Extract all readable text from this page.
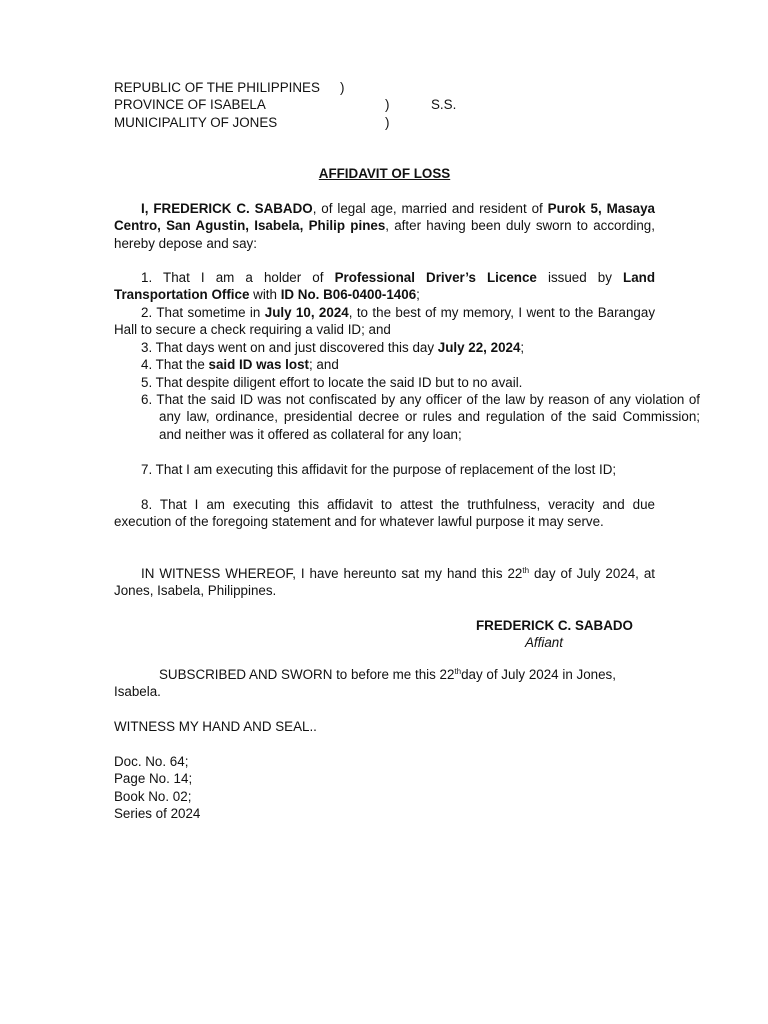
REPUBLIC OF THE PHILIPPINES )
PROVINCE OF ISABELA	)	S.S.
MUNICIPALITY OF JONES	)
AFFIDAVIT OF LOSS
I, FREDERICK C. SABADO, of legal age, married and resident of Purok 5, Masaya Centro, San Agustin, Isabela, Philip pines, after having been duly sworn to according, hereby depose and say:
1. That I am a holder of Professional Driver’s Licence issued by Land Transportation Office with ID No. B06-0400-1406;
2. That sometime in July 10, 2024, to the best of my memory, I went to the Barangay Hall to secure a check requiring a valid ID; and
3. That days went on and just discovered this day July 22, 2024;
4. That the said ID was lost; and
5. That despite diligent effort to locate the said ID but to no avail.
6. That the said ID was not confiscated by any officer of the law by reason of any violation of any law, ordinance, presidential decree or rules and regulation of the said Commission; and neither was it offered as collateral for any loan;
7. That I am executing this affidavit for the purpose of replacement of the lost ID;
8. That I am executing this affidavit to attest the truthfulness, veracity and due execution of the foregoing statement and for whatever lawful purpose it may serve.
IN WITNESS WHEREOF, I have hereunto sat my hand this 22th day of July 2024, at Jones, Isabela, Philippines.
FREDERICK C. SABADO
Affiant
SUBSCRIBED AND SWORN to before me this 22thday of July 2024 in Jones, Isabela.
WITNESS MY HAND AND SEAL..
Doc. No. 64;
Page No. 14;
Book No. 02;
Series of 2024
